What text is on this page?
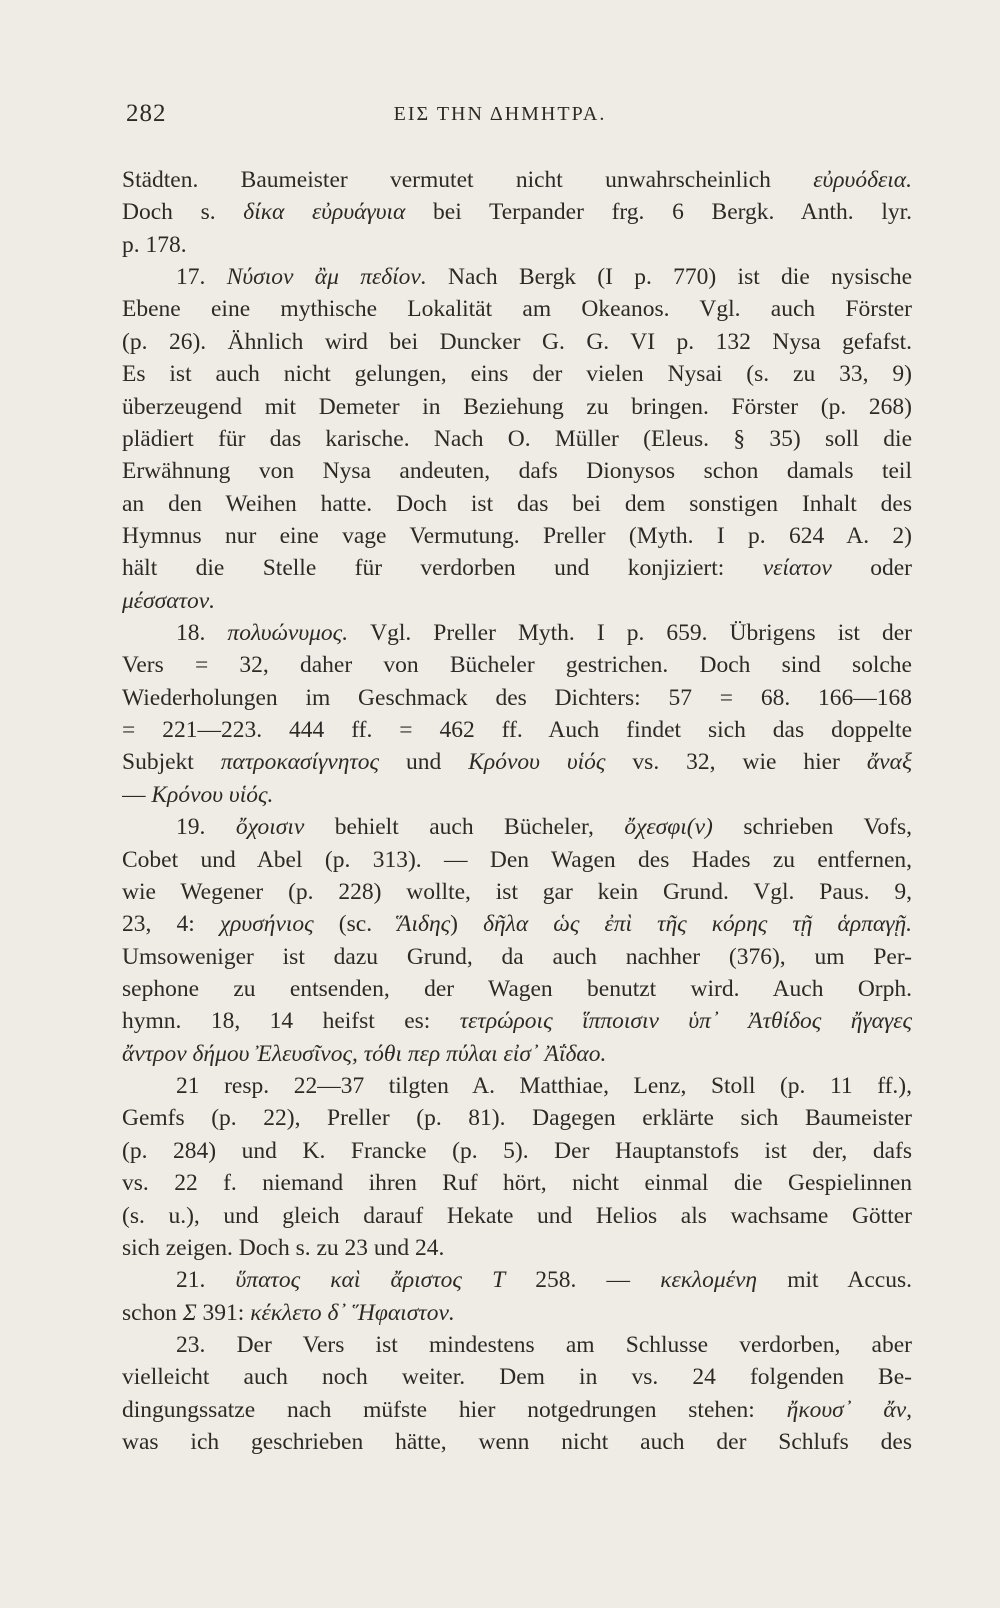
282	ΕΙΣ ΤΗΝ ΔΗΜΗΤΡΑ.
Städten. Baumeister vermutet nicht unwahrscheinlich εὐρυόδεια.
Doch s. δίκα εὐρυάγυια bei Terpander frg. 6 Bergk. Anth. lyr.
p. 178.
17. Νύσιον ἂμ πεδίον. Nach Bergk (I p. 770) ist die nysische
Ebene eine mythische Lokalität am Okeanos. Vgl. auch Förster
(p. 26). Ähnlich wird bei Duncker G. G. VI p. 132 Nysa gefafst.
Es ist auch nicht gelungen, eins der vielen Nysai (s. zu 33, 9)
überzeugend mit Demeter in Beziehung zu bringen. Förster (p. 268)
plädiert für das karische. Nach O. Müller (Eleus. § 35) soll die
Erwähnung von Nysa andeuten, dafs Dionysos schon damals teil
an den Weihen hatte. Doch ist das bei dem sonstigen Inhalt des
Hymnus nur eine vage Vermutung. Preller (Myth. I p. 624 A. 2)
hält die Stelle für verdorben und konjiziert: νείατον oder
μέσσατον.
18. πολυώνυμος. Vgl. Preller Myth. I p. 659. Übrigens ist der
Vers = 32, daher von Bücheler gestrichen. Doch sind solche
Wiederholungen im Geschmack des Dichters: 57 = 68. 166—168
= 221—223. 444 ff. = 462 ff. Auch findet sich das doppelte
Subjekt πατροκασίγνητος und Κρόνου υἱός vs. 32, wie hier ἄναξ
— Κρόνου υἱός.
19. ὄχοισιν behielt auch Bücheler, ὄχεσφι(ν) schrieben Vofs,
Cobet und Abel (p. 313). — Den Wagen des Hades zu entfernen,
wie Wegener (p. 228) wollte, ist gar kein Grund. Vgl. Paus. 9,
23, 4: χρυσήνιος (sc. Ἅιδης) δῆλα ὡς ἐπὶ τῆς κόρης τῇ ἁρπαγῇ.
Umsoweniger ist dazu Grund, da auch nachher (376), um Per-
sephone zu entsenden, der Wagen benutzt wird. Auch Orph.
hymn. 18, 14 heifst es: τετρώροις ἵπποισιν ὑπ᾽ Ἀτθίδος ἤγαγες
ἄντρον δήμου Ἐλευσῖνος, τόθι περ πύλαι εἰσ᾽ Ἀΐδαο.
21 resp. 22—37 tilgten A. Matthiae, Lenz, Stoll (p. 11 ff.),
Gemfs (p. 22), Preller (p. 81). Dagegen erklärte sich Baumeister
(p. 284) und K. Francke (p. 5). Der Hauptanstofs ist der, dafs
vs. 22 f. niemand ihren Ruf hört, nicht einmal die Gespielinnen
(s. u.), und gleich darauf Hekate und Helios als wachsame Götter
sich zeigen. Doch s. zu 23 und 24.
21. ὕπατος καὶ ἄριστος T 258. — κεκλομένη mit Accus.
schon Σ 391: κέκλετο δ᾽ Ἥφαιστον.
23. Der Vers ist mindestens am Schlusse verdorben, aber
vielleicht auch noch weiter. Dem in vs. 24 folgenden Be-
dingungssatze nach müfste hier notgedrungen stehen: ἤκουσ᾽ ἄν,
was ich geschrieben hätte, wenn nicht auch der Schlufs des
